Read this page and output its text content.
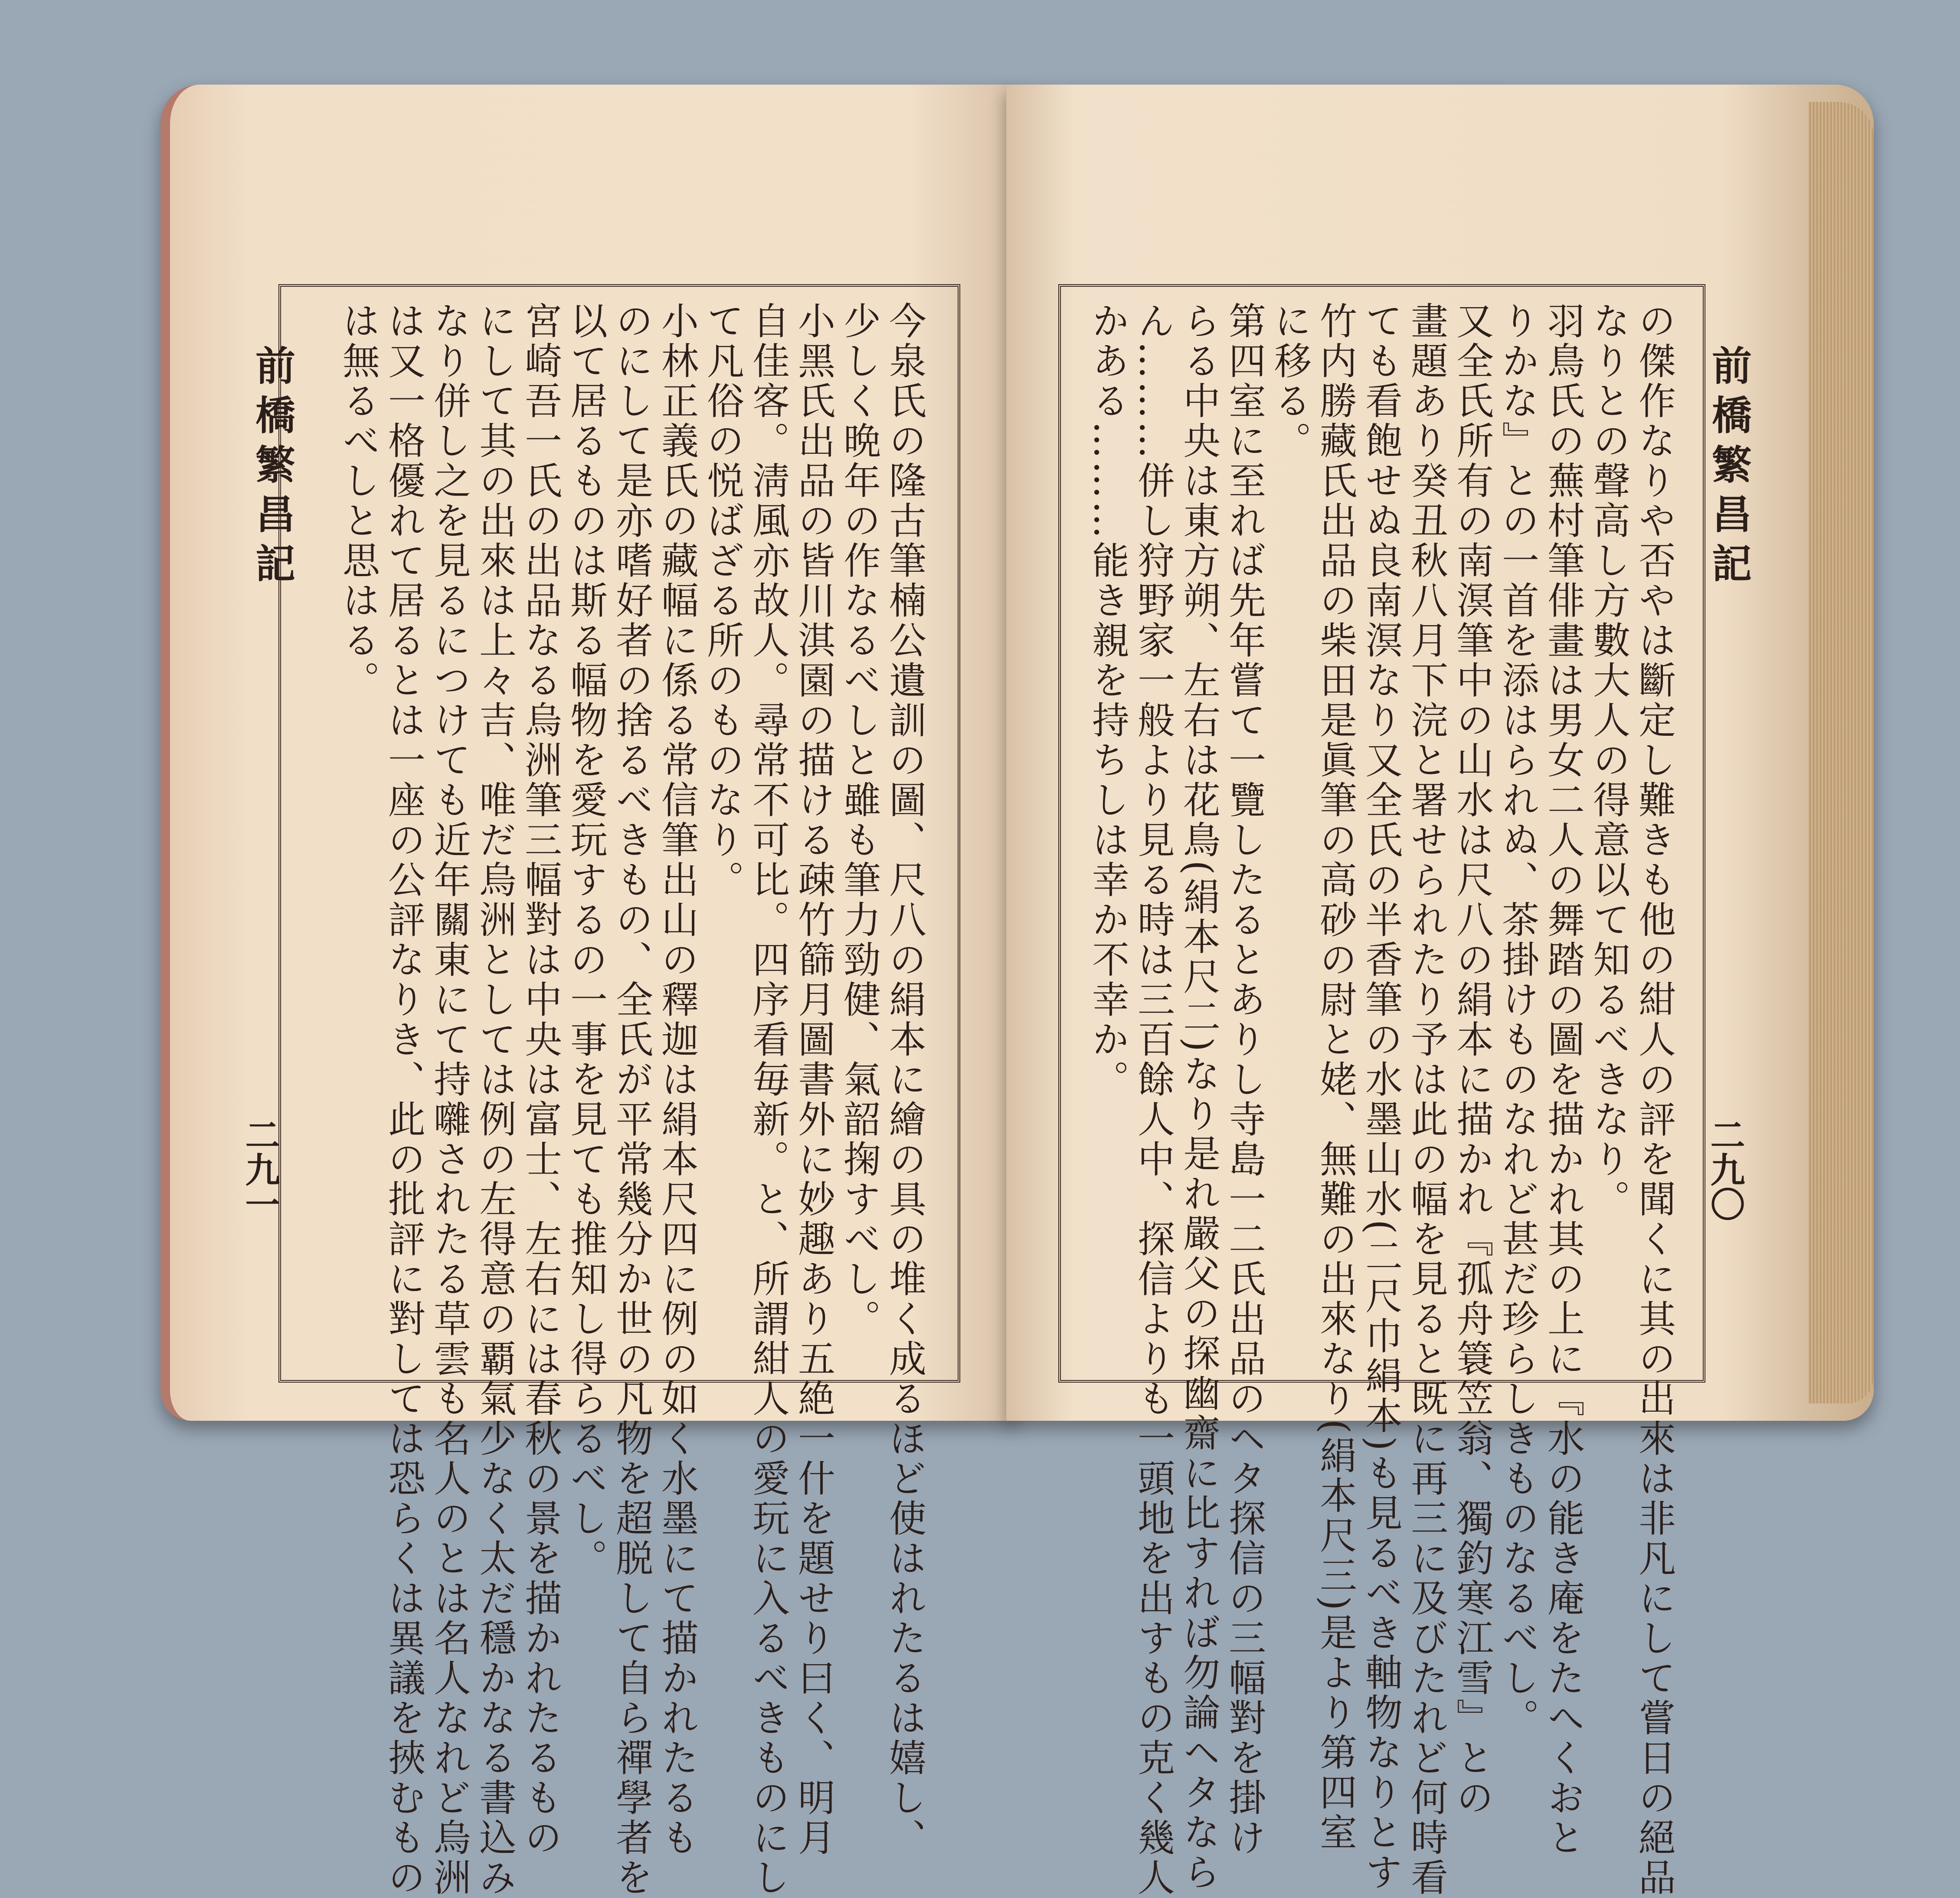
前橋繁昌記
二九一	今泉氏の隆古筆楠公遺訓の圖、尺八の絹本に繪の具の堆く成るほど使はれたるは嬉し、
少しく晩年の作なるべしと雖も筆力勁健、氣韶掬すべし。
小黑氏出品の皆川淇園の描ける疎竹篩月圖書外に妙趣あり五絶一什を題せり曰く、明月
自佳客。淸風亦故人。尋常不可比。四序看毎新。と、所謂紺人の愛玩に入るべきものにし
て凡俗の悦ばざる所のものなり。
小林正義氏の藏幅に係る常信筆出山の釋迦は絹本尺四に例の如く水墨にて描かれたるも
のにして是亦嗜好者の捨るべきもの、全氏が平常幾分か世の凡物を超脱して自ら禪學者を
以て居るものは斯る幅物を愛玩するの一事を見ても推知し得らるべし。
宮崎吾一氏の出品なる烏洲筆三幅對は中央は富士、左右には春秋の景を描かれたるもの
にして其の出來は上々吉、唯だ烏洲としては例の左得意の覇氣少なく太だ穩かなる書込み
なり併し之を見るにつけても近年關東にて持囃されたる草雲も名人のとは名人なれど烏洲
は又一格優れて居るとは一座の公評なりき、此の批評に對しては恐らくは異議を挾むもの
は無るべしと思はる。	前橋繁昌記
二九〇
の傑作なりや否やは斷定し難きも他の紺人の評を聞くに其の出來は非凡にして嘗日の絕品
なりとの聲高し方數大人の得意以て知るべきなり。
羽鳥氏の蕪村筆俳畫は男女二人の舞踏の圖を描かれ其の上に『水の能き庵をたへくおと
りかな』との一首を添はられぬ、茶掛けものなれど甚だ珍らしきものなるべし。
又全氏所有の南溟筆中の山水は尺八の絹本に描かれ『孤舟簑笠翁、獨釣寒江雪』との
畫題あり癸丑秋八月下浣と署せられたり予は此の幅を見ると既に再三に及びたれど何時看
ても看飽せぬ良南溟なり又全氏の半香筆の水墨山水(二尺巾絹本)も見るべき軸物なりとす
竹内勝藏氏出品の柴田是眞筆の高砂の尉と姥、無難の出來なり(絹本尺三)是より第四室
に移る。
第四室に至れば先年嘗て一覽したるとありし寺島一二氏出品のヘタ探信の三幅對を掛け
らる中央は東方朔、左右は花鳥(絹本尺二)なり是れ嚴父の探幽齋に比すれば勿論ヘタなら
ん………併し狩野家一般より見る時は三百餘人中、探信よりも一頭地を出すもの克く幾人
かある………能き親を持ちしは幸か不幸か。
